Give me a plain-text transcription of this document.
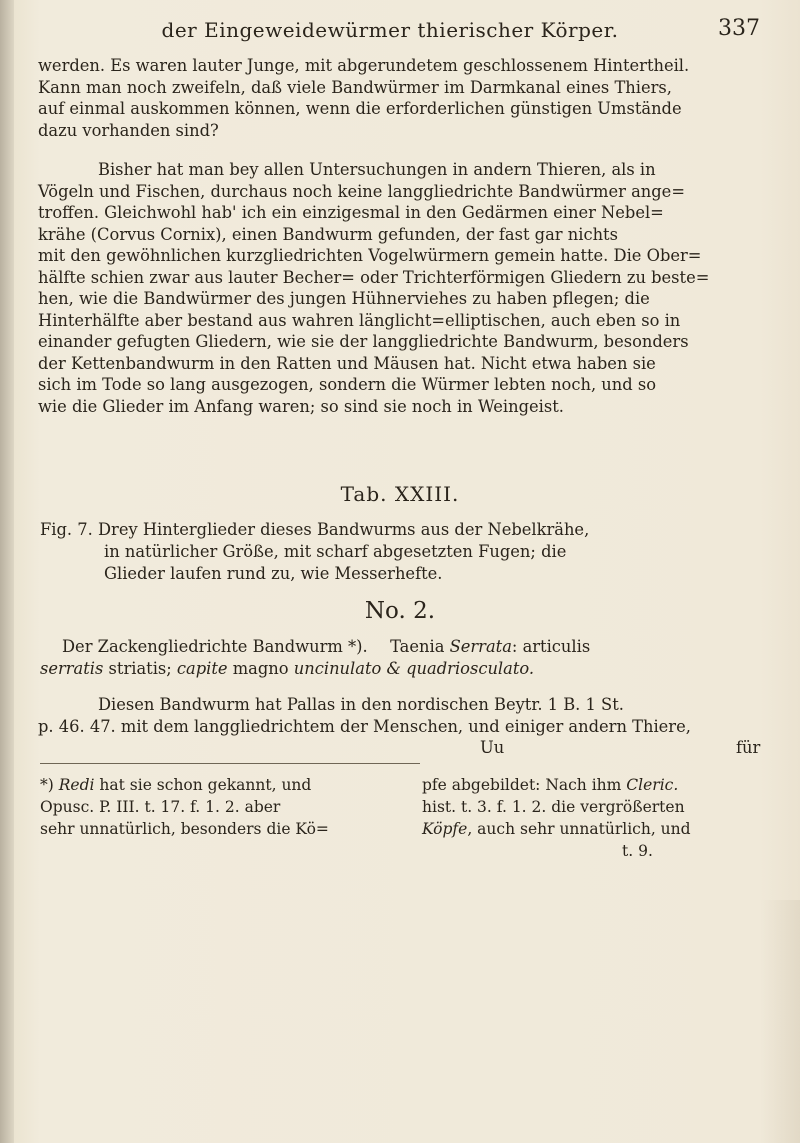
der Eingeweidewürmer thierischer Körper.	337

werden. Es waren lauter Junge, mit abgerundetem geschlossenem Hintertheil.

Kann man noch zweifeln, daß viele Bandwürmer im Darmkanal eines Thiers,

auf einmal auskommen können, wenn die erforderlichen günstigen Umstände

dazu vorhanden sind?

Bisher hat man bey allen Untersuchungen in andern Thieren, als in

Vögeln und Fischen, durchaus noch keine langgliedrichte Bandwürmer ange=

troffen. Gleichwohl hab' ich ein einzigesmal in den Gedärmen einer Nebel=

krähe (Corvus Cornix), einen Bandwurm gefunden, der fast gar nichts

mit den gewöhnlichen kurzgliedrichten Vogelwürmern gemein hatte. Die Ober=

hälfte schien zwar aus lauter Becher= oder Trichterförmigen Gliedern zu beste=

hen, wie die Bandwürmer des jungen Hühnerviehes zu haben pflegen; die

Hinterhälfte aber bestand aus wahren länglicht=elliptischen, auch eben so in

einander gefugten Gliedern, wie sie der langgliedrichte Bandwurm, besonders

der Kettenbandwurm in den Ratten und Mäusen hat. Nicht etwa haben sie

sich im Tode so lang ausgezogen, sondern die Würmer lebten noch, und so

wie die Glieder im Anfang waren; so sind sie noch in Weingeist.

Tab. XXIII.
Fig. 7. Drey Hinterglieder dieses Bandwurms aus der Nebelkrähe,
in natürlicher Größe, mit scharf abgesetzten Fugen; die
Glieder laufen rund zu, wie Messerhefte.
No. 2.
Der Zackengliedrichte Bandwurm *). Taenia Serrata: articulis
serratis striatis; capite magno uncinulato & quadriosculato.
Diesen Bandwurm hat Pallas in den nordischen Beytr. 1 B. 1 St.
p. 46. 47. mit dem langgliedrichtem der Menschen, und einiger andern Thiere,
Uu	für
*) Redi hat sie schon gekannt, und
Opusc. P. III. t. 17. f. 1. 2. aber
sehr unnatürlich, besonders die Kö=
pfe abgebildet: Nach ihm Cleric.
hist. t. 3. f. 1. 2. die vergrößerten
Köpfe, auch sehr unnatürlich, und
t. 9.
